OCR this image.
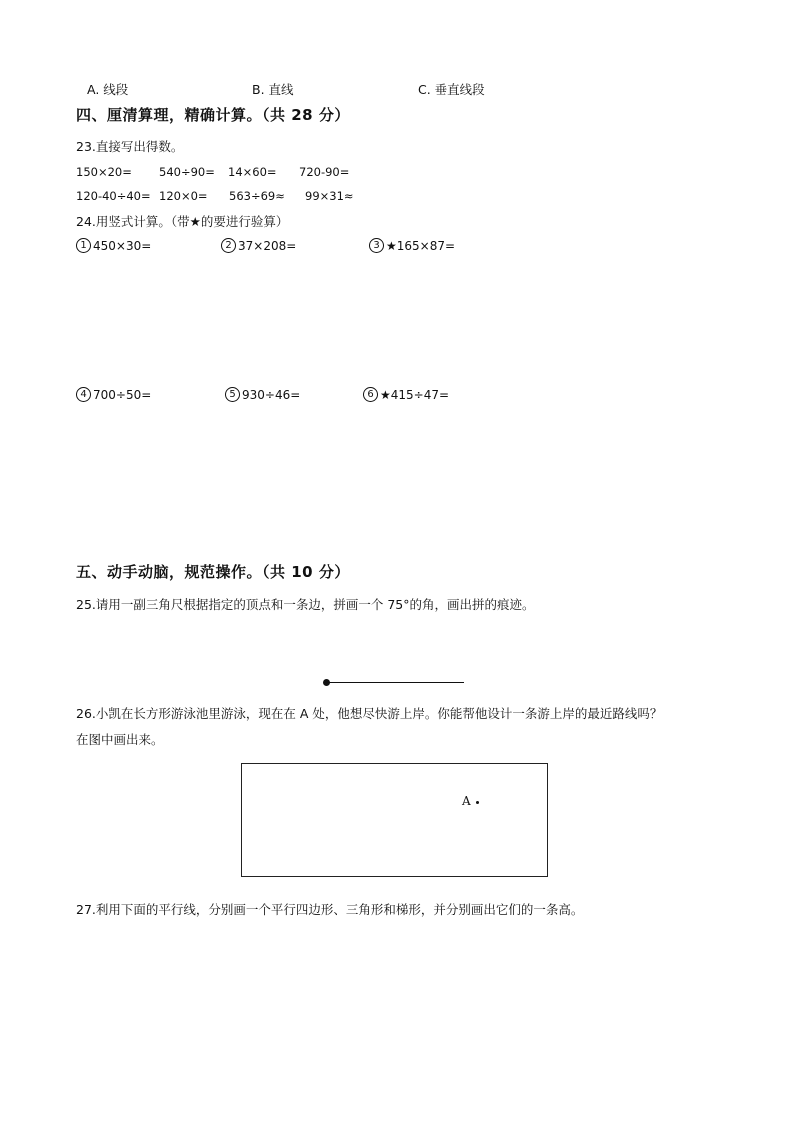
A. 线段	B. 直线	C. 垂直线段
四、厘清算理，精确计算。（共 28 分）
23.直接写出得数。
150×20= 540÷90= 14×60= 720-90=
120-40÷40= 120×0= 563÷69≈ 99×31≈
24.用竖式计算。（带★的要进行验算）
1 450×30=	2 37×208=	3 ★165×87=
4 700÷50=	5 930÷46=	6 ★415÷47=
五、动手动脑，规范操作。（共 10 分）
25.请用一副三角尺根据指定的顶点和一条边，拼画一个 75°的角，画出拼的痕迹。
26.小凯在长方形游泳池里游泳，现在在 A 处，他想尽快游上岸。你能帮他设计一条游上岸的最近路线吗？
在图中画出来。
A
27.利用下面的平行线，分别画一个平行四边形、三角形和梯形，并分别画出它们的一条高。
